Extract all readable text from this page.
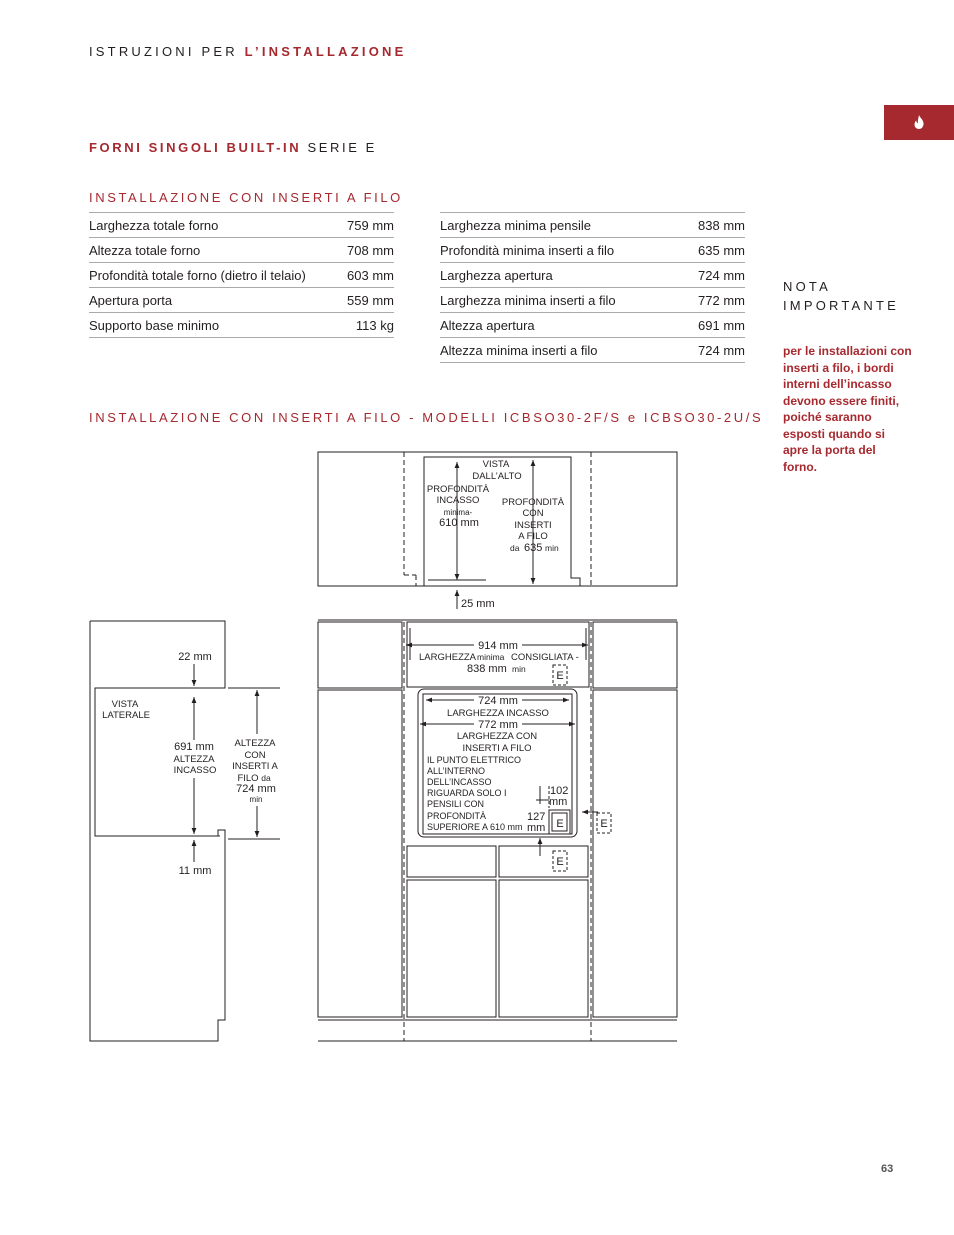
ISTRUZIONI PER L’INSTALLAZIONE
FORNI SINGOLI BUILT-IN SERIE E
INSTALLAZIONE CON INSERTI A FILO
Larghezza totale forno	759 mm
Altezza totale forno	708 mm
Profondità totale forno (dietro il telaio)	603 mm
Apertura porta	559 mm
Supporto base minimo	113 kg
Larghezza minima pensile	838 mm
Profondità minima inserti a filo	635 mm
Larghezza apertura	724 mm
Larghezza minima inserti a filo	772 mm
Altezza apertura	691 mm
Altezza minima inserti a filo	724 mm
NOTA
IMPORTANTE
per le installazioni con inserti a filo, i bordi interni dell’incasso devono essere finiti, poiché saranno esposti quando si apre la porta del forno.
INSTALLAZIONE CON INSERTI A FILO - MODELLI ICBSO30-2F/S e ICBSO30-2U/S
VISTA
DALL’ALTO
PROFONDITÀ
INCASSO
minima-
610 mm
PROFONDITÀ
CON
INSERTI
A FILO
da 635 min
25 mm
22 mm
VISTA
LATERALE
691 mm
ALTEZZA
INCASSO
ALTEZZA
CON
INSERTI A
FILO da
724 mm
min
11 mm
914 mm
LARGHEZZA minima CONSIGLIATA -
838 mm min
724 mm
LARGHEZZA INCASSO
772 mm
LARGHEZZA CON
INSERTI A FILO
IL PUNTO ELETTRICO
ALL’INTERNO
DELL’INCASSO
RIGUARDA SOLO I
PENSILI CON
PROFONDITÀ
SUPERIORE A 610 mm
102
mm
127
mm
E
E	E
E
63
